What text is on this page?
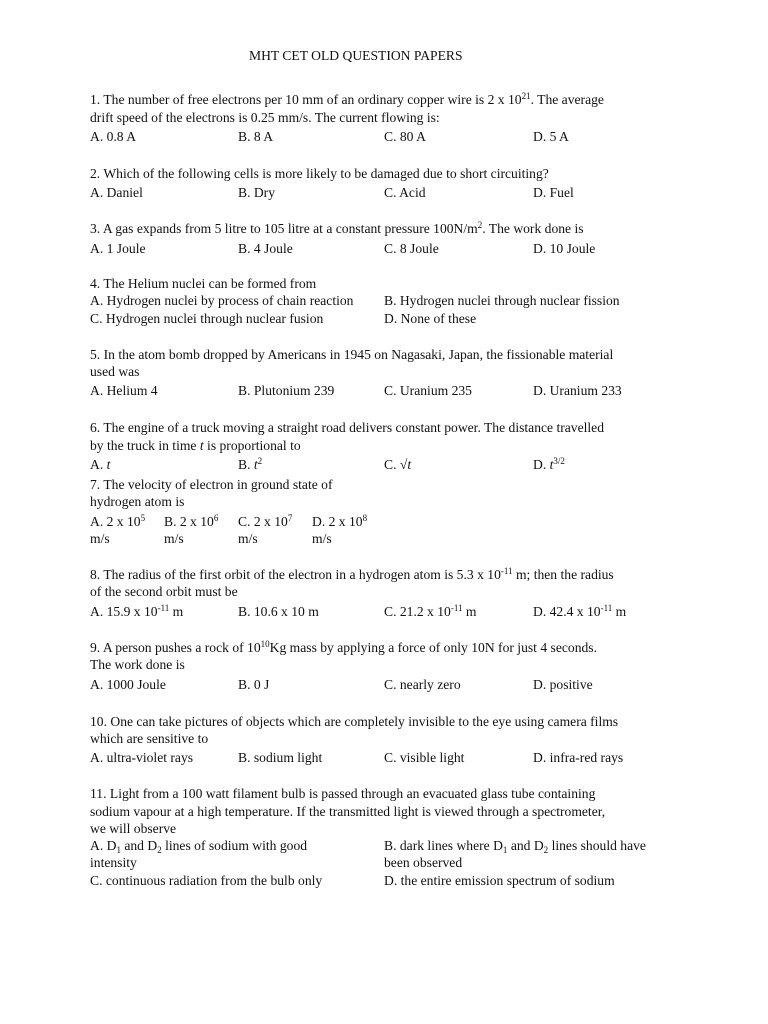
MHT CET OLD QUESTION PAPERS
1. The number of free electrons per 10 mm of an ordinary copper wire is 2 x $10^{21}$. The average
drift speed of the electrons is 0.25 mm/s. The current flowing is:
A. 0.8 A	B. 8 A	C. 80 A	D. 5 A
2. Which of the following cells is more likely to be damaged due to short circuiting?
A. Daniel	B. Dry	C. Acid	D. Fuel
3. A gas expands from 5 litre to 105 litre at a constant pressure $100N/m^2$. The work done is
A. 1 Joule	B. 4 Joule	C. 8 Joule	D. 10 Joule
4. The Helium nuclei can be formed from
A. Hydrogen nuclei by process of chain reaction B. Hydrogen nuclei through nuclear fission
C. Hydrogen nuclei through nuclear fusion	D. None of these
5. In the atom bomb dropped by Americans in 1945 on Nagasaki, Japan, the fissionable material
used was
A. Helium 4	B. Plutonium 239	C. Uranium 235	D. Uranium 233
6. The engine of a truck moving a straight road delivers constant power. The distance travelled
by the truck in time t is proportional to
A. t	B. $t^2$	C. √t	D. $t^{3/2}$
7. The velocity of electron in ground state of
hydrogen atom is
A. 2 x $10^5$ B. 2 x $10^6$ C. 2 x $10^7$ D. 2 x $10^8$
m/s	m/s	m/s	m/s
8. The radius of the first orbit of the electron in a hydrogen atom is 5.3 x $10^{-11}$ m; then the radius
of the second orbit must be
A. 15.9 x $10^{-11}$ m	B. 10.6 x 10 m	C. 21.2 x $10^{-11}$ m	D. 42.4 x $10^{-11}$ m
9. A person pushes a rock of $10^{10}Kg$ mass by applying a force of only 10N for just 4 seconds.
The work done is
A. 1000 Joule	B. 0 J	C. nearly zero	D. positive
10. One can take pictures of objects which are completely invisible to the eye using camera films
which are sensitive to
A. ultra-violet rays	B. sodium light	C. visible light	D. infra-red rays
11. Light from a 100 watt filament bulb is passed through an evacuated glass tube containing
sodium vapour at a high temperature. If the transmitted light is viewed through a spectrometer,
we will observe
A. $D_1$ and $D_2$ lines of sodium with good	B. dark lines where $D_1$ and $D_2$ lines should have
intensity	been observed
C. continuous radiation from the bulb only	D. the entire emission spectrum of sodium
